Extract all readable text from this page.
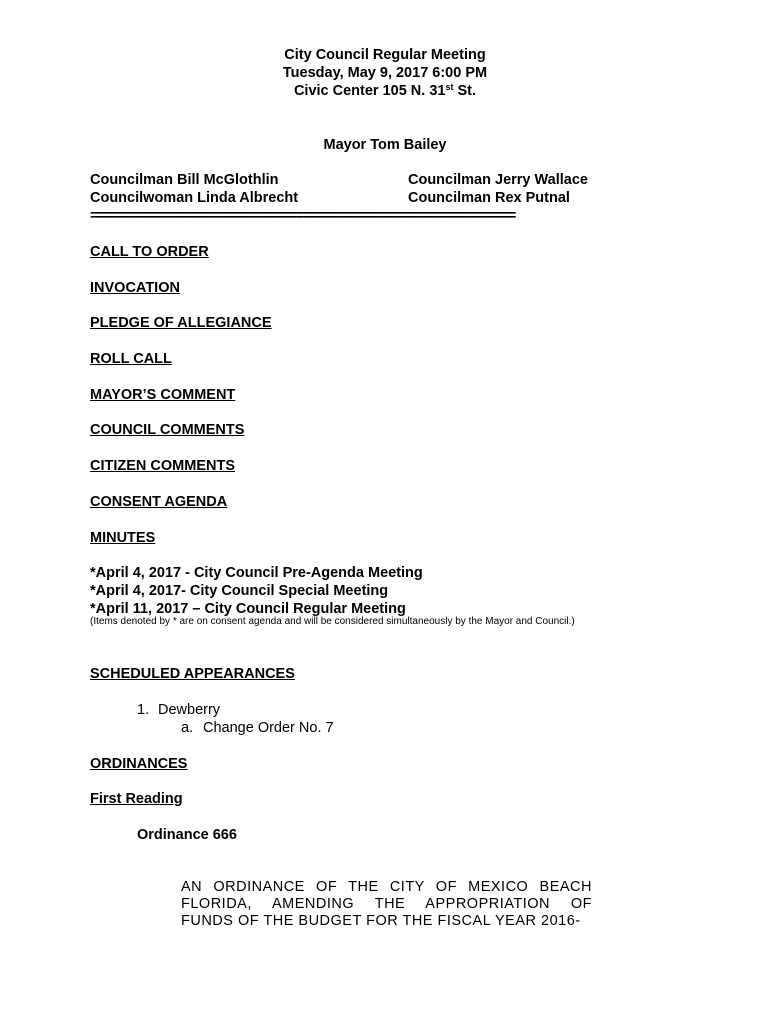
City Council Regular Meeting
Tuesday, May 9, 2017 6:00 PM
Civic Center 105 N. 31st St.
Mayor Tom Bailey
Councilman Bill McGlothlin
Councilwoman Linda Albrecht
Councilman Jerry Wallace
Councilman Rex Putnal
============================================================
CALL TO ORDER
INVOCATION
PLEDGE OF ALLEGIANCE
ROLL CALL
MAYOR’S COMMENT
COUNCIL COMMENTS
CITIZEN COMMENTS
CONSENT AGENDA
MINUTES
*April 4, 2017 - City Council Pre-Agenda Meeting
*April 4, 2017- City Council Special Meeting
*April 11, 2017 – City Council Regular Meeting
(Items denoted by * are on consent agenda and will be considered simultaneously by the Mayor and Council.)
SCHEDULED APPEARANCES
1. Dewberry
a. Change Order No. 7
ORDINANCES
First Reading
Ordinance 666
AN ORDINANCE OF THE CITY OF MEXICO BEACH
FLORIDA, AMENDING THE APPROPRIATION OF
FUNDS OF THE BUDGET FOR THE FISCAL YEAR 2016-
